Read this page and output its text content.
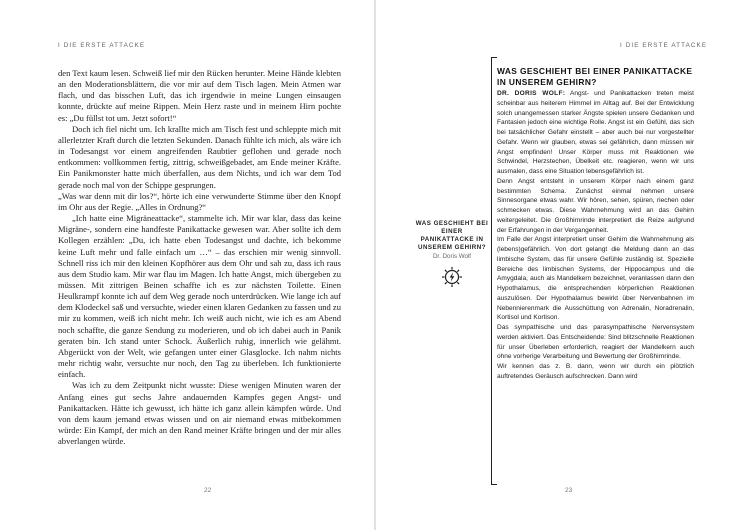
I DIE ERSTE ATTACKE

den Text kaum lesen. Schweiß lief mir den Rücken herunter. Meine Hände klebten an den Moderationsblättern, die vor mir auf dem Tisch lagen. Mein Atmen war flach, und das bisschen Luft, das ich irgendwie in meine Lungen einsaugen konnte, drückte auf meine Rippen. Mein Herz raste und in meinem Hirn pochte es: „Du füllst tot um. Jetzt sofort!“

Doch ich fiel nicht um. Ich krallte mich am Tisch fest und schleppte mich mit allerletzter Kraft durch die letzten Sekunden. Danach fühlte ich mich, als wäre ich in Todesangst vor einem angreifenden Raubtier geflohen und gerade noch entkommen: vollkommen fertig, zittrig, schweißgebadet, am Ende meiner Kräfte. Ein Panikmonster hatte mich überfallen, aus dem Nichts, und ich war dem Tod gerade noch mal von der Schippe gesprungen.

„Was war denn mit dir los?“, hörte ich eine verwunderte Stimme über den Knopf im Ohr aus der Regie. „Alles in Ordnung?“

„Ich hatte eine Migräneattacke“, stammelte ich. Mir war klar, dass das keine Migräne-, sondern eine handfeste Panikattacke gewesen war. Aber sollte ich dem Kollegen erzählen: „Du, ich hatte eben Todesangst und dachte, ich bekomme keine Luft mehr und falle einfach um …“ – das erschien mir wenig sinnvoll. Schnell riss ich mir den kleinen Kopfhörer aus dem Ohr und sah zu, dass ich raus aus dem Studio kam. Mir war flau im Magen. Ich hatte Angst, mich übergeben zu müssen. Mit zittrigen Beinen schaffte ich es zur nächsten Toilette. Einen Heulkrampf konnte ich auf dem Weg gerade noch unterdrücken. Wie lange ich auf dem Klodeckel saß und versuchte, wieder einen klaren Gedanken zu fassen und zu mir zu kommen, weiß ich nicht mehr. Ich weiß auch nicht, wie ich es am Abend noch schaffte, die ganze Sendung zu moderieren, und ob ich dabei auch in Panik geraten bin. Ich stand unter Schock. Äußerlich ruhig, innerlich wie gelähmt. Abgerückt von der Welt, wie gefangen unter einer Glasglocke. Ich nahm nichts mehr richtig wahr, versuchte nur noch, den Tag zu überleben. Ich funktionierte einfach.

Was ich zu dem Zeitpunkt nicht wusste: Diese wenigen Minuten waren der Anfang eines gut sechs Jahre andauernden Kampfes gegen Angst- und Panikattacken. Hätte ich gewusst, ich hätte ich ganz allein kämpfen würde. Und von dem kaum jemand etwas wissen und on air niemand etwas mitbekommen würde: Ein Kampf, der mich an den Rand meiner Kräfte bringen und der mir alles abverlangen würde.

22
WAS GESCHIEHT BEI EINER PANIKATTACKE IN UNSEREM GEHIRN?
Dr. Doris Wolf
I DIE ERSTE ATTACKE
WAS GESCHIEHT BEI EINER PANIKATTACKE IN UNSEREM GEHIRN?

DR. DORIS WOLF: Angst- und Panikattacken treten meist scheinbar aus heiterem Himmel im Alltag auf. Bei der Entwicklung solch unangemessen starker Ängste spielen unsere Gedanken und Fantasien jedoch eine wichtige Rolle. Angst ist ein Gefühl, das sich bei tatsächlicher Gefahr einstellt – aber auch bei nur vorgestellter Gefahr. Wenn wir glauben, etwas sei gefährlich, dann müssen wir Angst empfinden! Unser Körper muss mit Reaktionen wie Schwindel, Herzstechen, Übelkeit etc. reagieren, wenn wir uns ausmalen, dass eine Situation lebensgefährlich ist.

Denn Angst entsteht in unserem Körper nach einem ganz bestimmten Schema. Zunächst einmal nehmen unsere Sinnesorgane etwas wahr. Wir hören, sehen, spüren, riechen oder schmecken etwas. Diese Wahrnehmung wird an das Gehirn weitergeleitet. Die Großhirnrinde interpretiert die Reize aufgrund der Erfahrungen in der Vergangenheit.

Im Falle der Angst interpretiert unser Gehirn die Wahrnehmung als (lebens)gefährlich. Von dort gelangt die Meldung dann an das limbische System, das für unsere Gefühle zuständig ist. Spezielle Bereiche des limbischen Systems, der Hippocampus und die Amygdala, auch als Mandelkern bezeichnet, veranlassen dann den Hypothalamus, die entsprechenden körperlichen Reaktionen auszulösen. Der Hypothalamus bewirkt über Nervenbahnen im Nebennierenmark die Ausschüttung von Adrenalin, Noradrenalin, Kortisol und Kortison.

Das sympathische und das parasympathische Nervensystem werden aktiviert. Das Entscheidende: Sind blitzschnelle Reaktionen für unser Überleben erforderlich, reagiert der Mandelkern auch ohne vorherige Verarbeitung und Bewertung der Großhirnrinde.

Wir kennen das z. B. dann, wenn wir durch ein plötzlich auftretendes Geräusch aufschrecken. Dann wird

23
